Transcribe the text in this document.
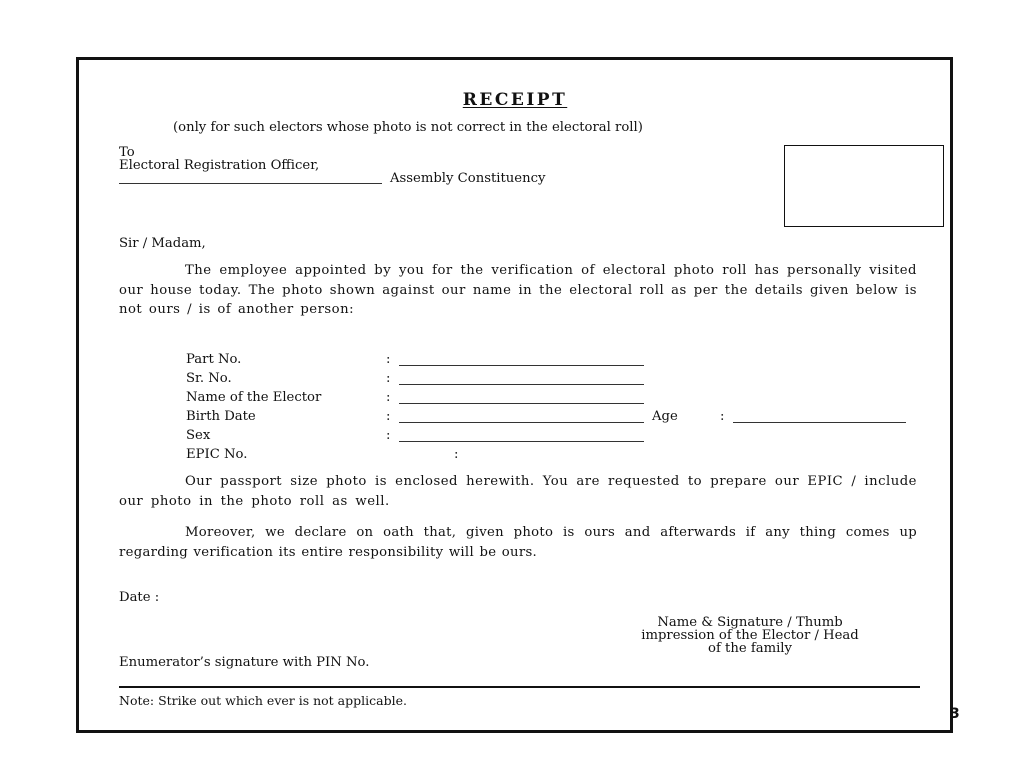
RECEIPT
(only for such electors whose photo is not correct in the electoral roll)
To
Electoral Registration Officer,
Assembly Constituency
Sir / Madam,
The employee appointed by you for the verification of electoral photo roll has personally visited our house today. The photo shown against our name in the electoral roll as per the details given below is not ours / is of another person:
Part No.	:
Sr. No.	:
Name of the Elector	:
Birth Date	:	Age	:
Sex	:
EPIC No.	:
Our passport size photo is enclosed herewith. You are requested to prepare our EPIC / include our photo in the photo roll as well.
Moreover, we declare on oath that, given photo is ours and afterwards if any thing comes up regarding verification its entire responsibility will be ours.
Date :
Name & Signature / Thumb
impression of the Elector / Head
of the family
Enumerator’s signature with PIN No.
Note: Strike out which ever is not applicable.
3
